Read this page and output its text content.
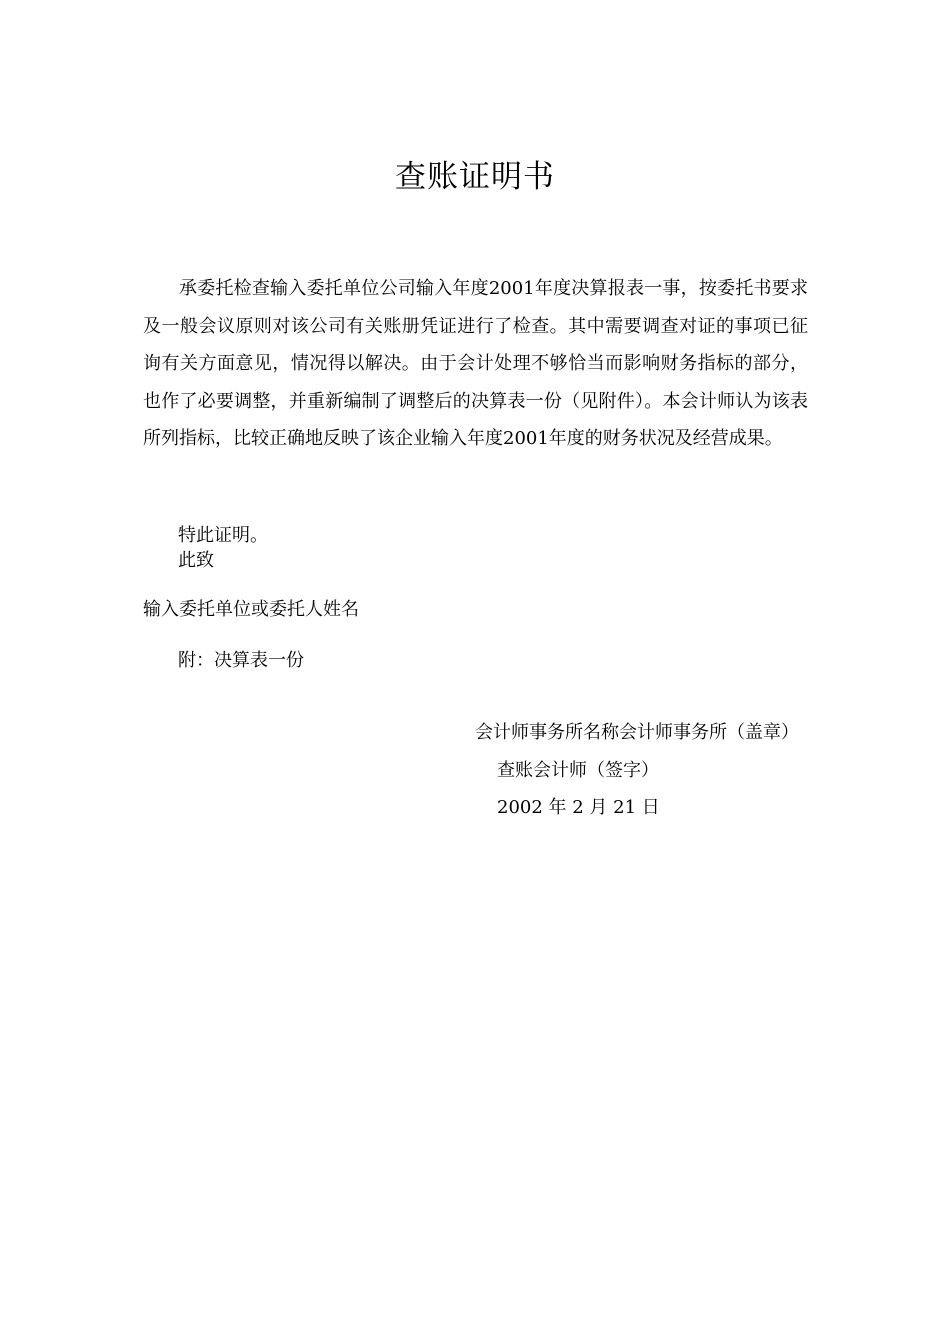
查账证明书

承委托检查输入委托单位公司输入年度2001年度决算报表一事，按委托书要求及一般会议原则对该公司有关账册凭证进行了检查。其中需要调查对证的事项已征询有关方面意见，情况得以解决。由于会计处理不够恰当而影响财务指标的部分，也作了必要调整，并重新编制了调整后的决算表一份（见附件）。本会计师认为该表所列指标，比较正确地反映了该企业输入年度2001年度的财务状况及经营成果。

特此证明。
此致
输入委托单位或委托人姓名
附：决算表一份
会计师事务所名称会计师事务所（盖章）
查账会计师（签字）
2002 年 2 月 21 日
